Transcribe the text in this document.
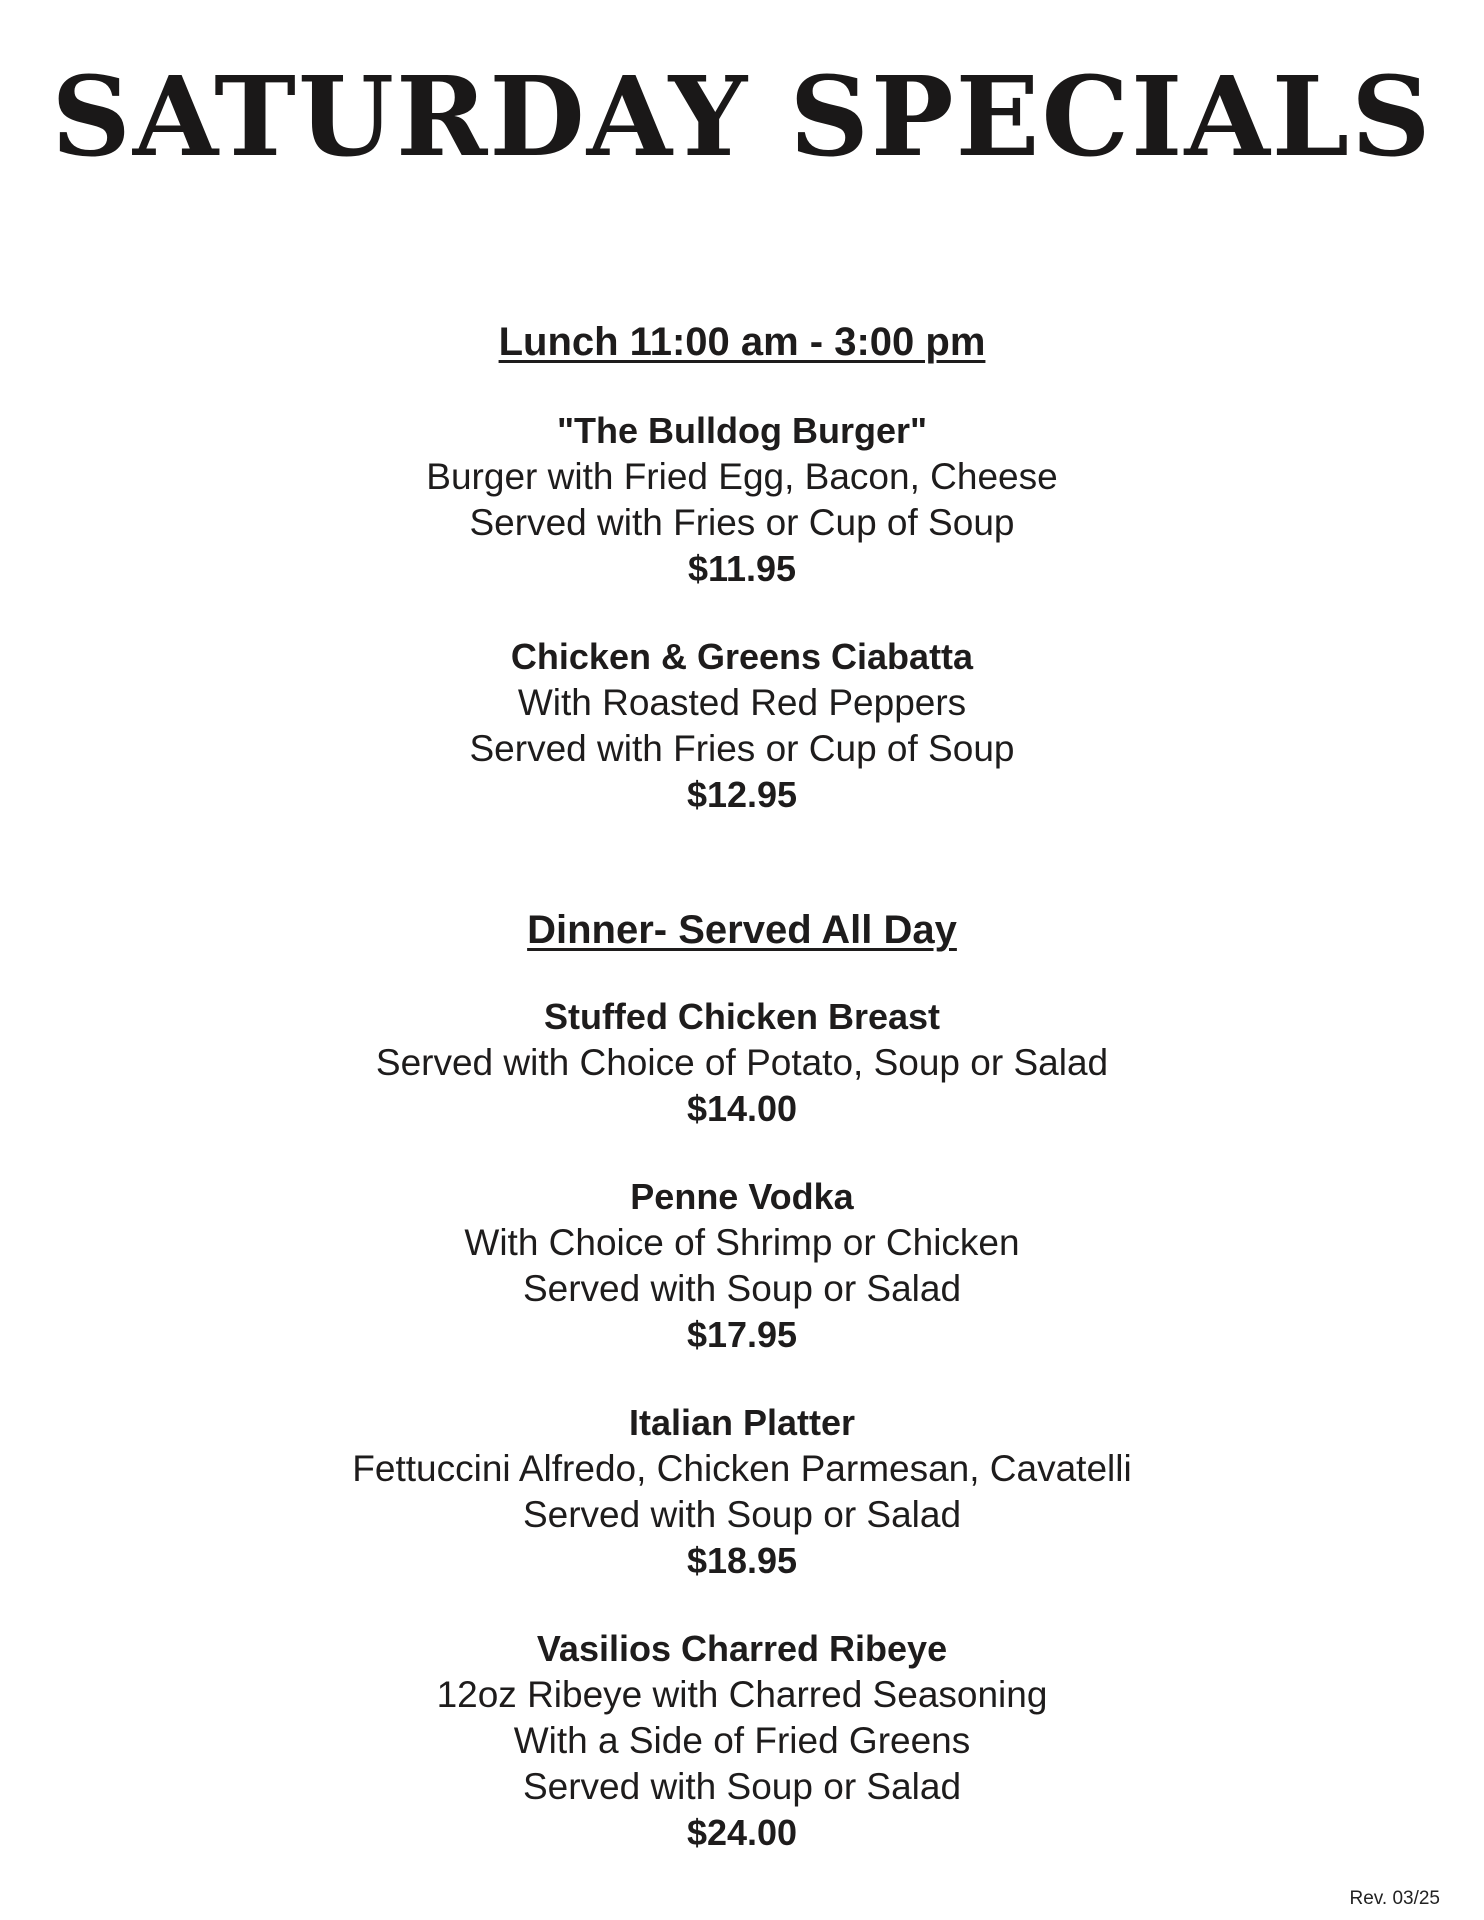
SATURDAY SPECIALS
Lunch 11:00 am - 3:00 pm
"The Bulldog Burger"
Burger with Fried Egg, Bacon, Cheese
Served with Fries or Cup of Soup
$11.95
Chicken & Greens Ciabatta
With Roasted Red Peppers
Served with Fries or Cup of Soup
$12.95
Dinner- Served All Day
Stuffed Chicken Breast
Served with Choice of Potato, Soup or Salad
$14.00
Penne Vodka
With Choice of Shrimp or Chicken
Served with Soup or Salad
$17.95
Italian Platter
Fettuccini Alfredo, Chicken Parmesan, Cavatelli
Served with Soup or Salad
$18.95
Vasilios Charred Ribeye
12oz Ribeye with Charred Seasoning
With a Side of Fried Greens
Served with Soup or Salad
$24.00
Rev. 03/25
